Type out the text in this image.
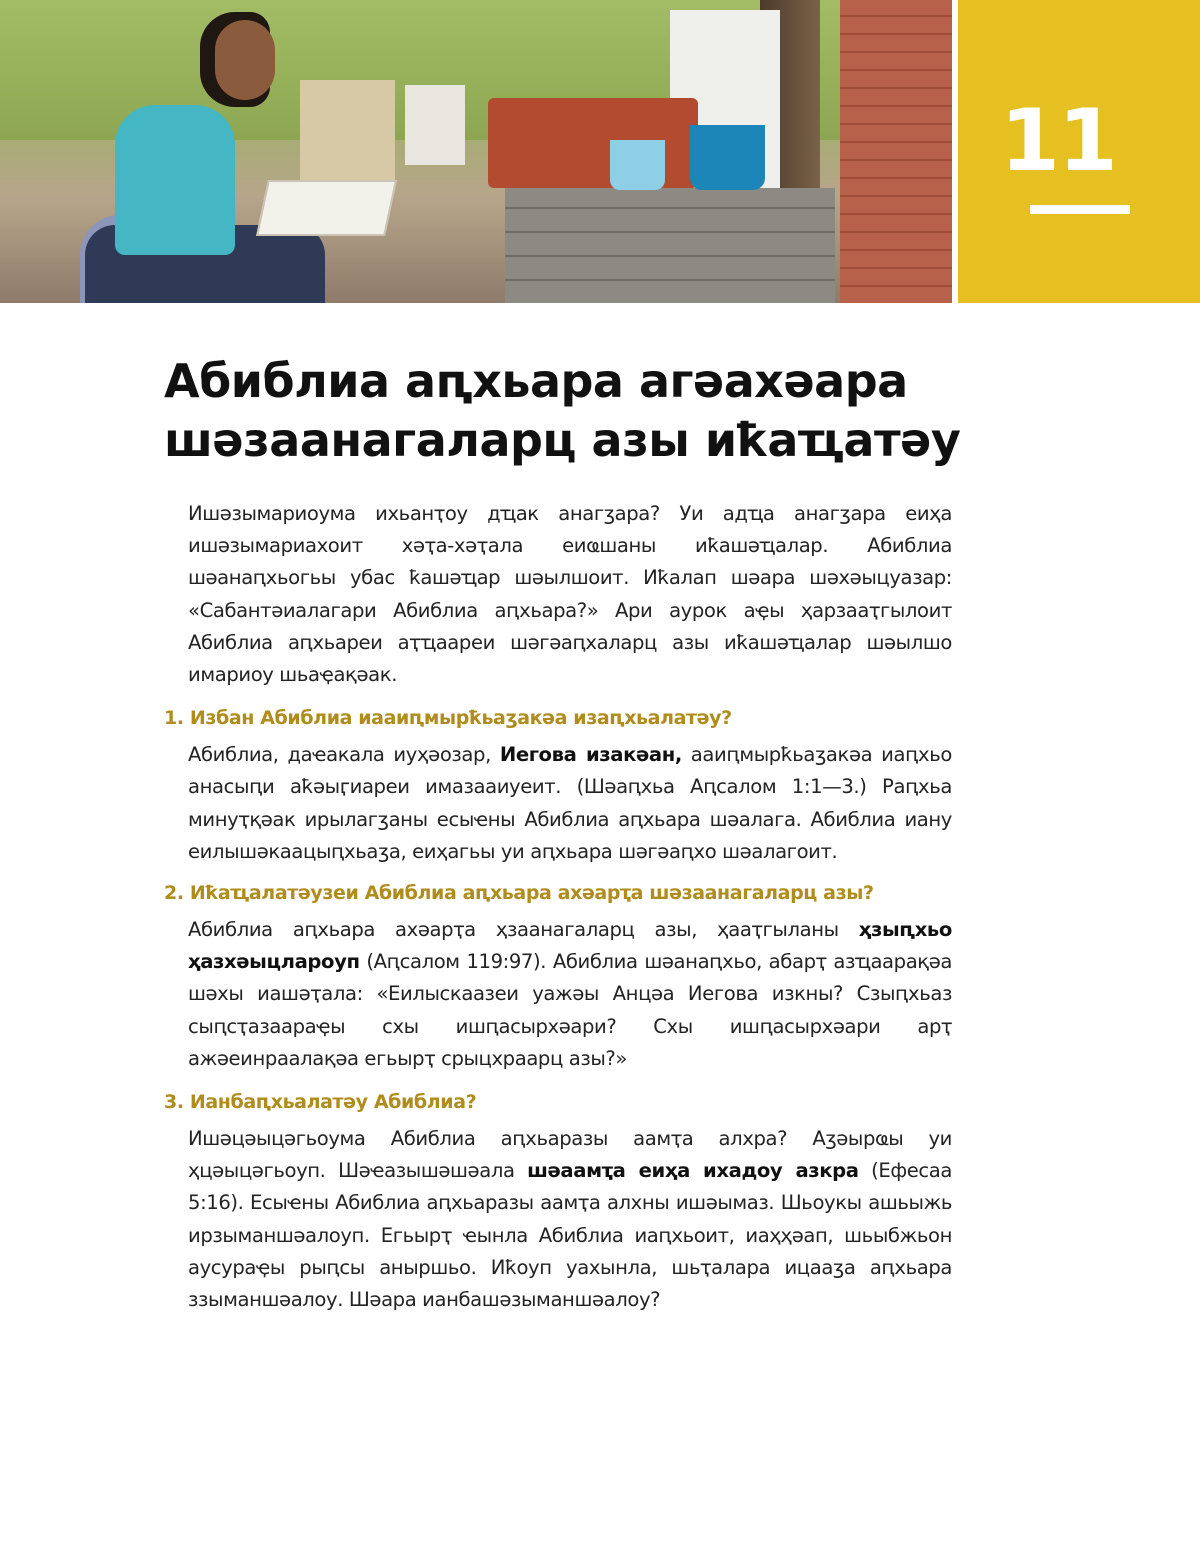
11
Абиблиа аԥхьара агәахәара
шәзаанагаларц азы иҟаҵатәу

Ишәзымариоума ихьанҭоу дҵак анагӡара? Уи адҵа анагӡара еиҳа ишәзымариахоит хәҭа-хәҭала еиҩшаны иҟашәҵалар. Абиблиа шәанаԥхьогьы убас ҟашәҵар шәылшоит. Иҟалап шәара шәхәыцуазар: «Сабантәиалагари Абиблиа аԥхьара?» Ари аурок аҿы ҳарзааҭгылоит Абиблиа аԥхьареи аҭҵаареи шәгәаԥхаларц азы иҟашәҵалар шәылшо имариоу шьаҿақәак.

1. Избан Абиблиа иааиԥмырҟьаӡакәа изаԥхьалатәу?

Абиблиа, даҽакала иуҳәозар, Иегова изакәан, ааиԥмырҟьаӡакәа иаԥхьо анасыԥи аҟәыӷиареи имазааиуеит. (Шәаԥхьа Аԥсалом 1:1—3.) Раԥхьа минуҭқәак ирылагӡаны есыҽны Абиблиа аԥхьара шәалага. Абиблиа иану еилышәкаацыԥхьаӡа, еиҳагьы уи аԥхьара шәгәаԥхо шәалагоит.

2. Иҟаҵалатәузеи Абиблиа аԥхьара ахәарҭа шәзаанагаларц азы?

Абиблиа аԥхьара ахәарҭа ҳзаанагаларц азы, ҳааҭгыланы ҳзыԥхьо ҳазхәыцлароуп (Аԥсалом 119:97). Абиблиа шәанаԥхьо, абарҭ азҵаарақәа шәхы иашәҭала: «Еилыскаазеи уажәы Анцәа Иегова изкны? Сзыԥхьаз сыԥсҭазаараҿы схы ишԥасырхәари? Схы ишԥасырхәари арҭ ажәеинраалақәа егьырҭ срыцхраарц азы?»

3. Ианбаԥхьалатәу Абиблиа?

Ишәцәыцәгьоума Абиблиа аԥхьаразы аамҭа алхра? Аӡәырҩы уи ҳцәыцәгьоуп. Шәҽазышәшәала шәаамҭа еиҳа ихадоу азкра (Ефесаа 5:16). Есыҽны Абиблиа аԥхьаразы аамҭа алхны ишәымаз. Шьоукы ашьыжь ирзыманшәалоуп. Егьырҭ ҽынла Абиблиа иаԥхьоит, иаҳҳәап, шьыбжьон аусураҿы рыԥсы аныршьо. Иҟоуп уахынла, шьҭалара ицааӡа аԥхьара ззыманшәалоу. Шәара ианбашәзыманшәалоу?
